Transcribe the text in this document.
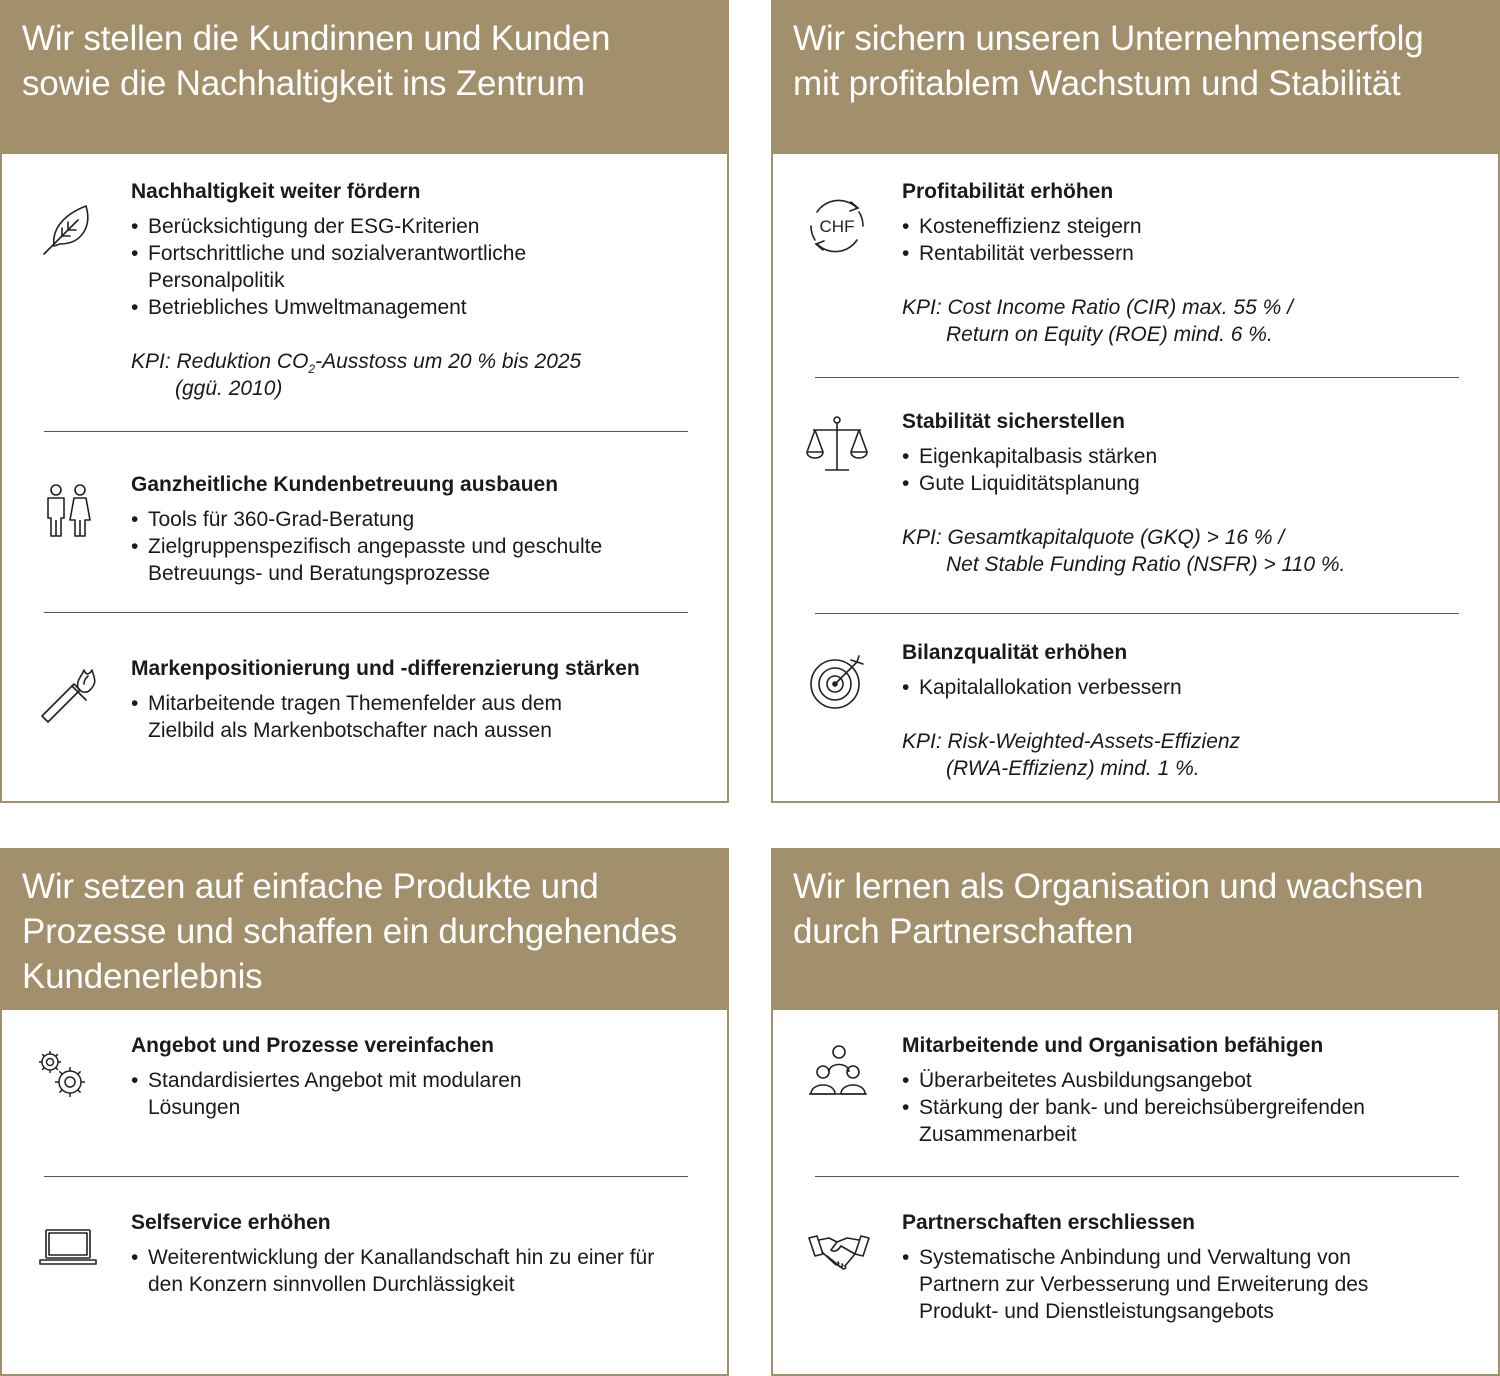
Wir stellen die Kundinnen und Kunden sowie die Nachhaltigkeit ins Zentrum
Nachhaltigkeit weiter fördern
• Berücksichtigung der ESG-Kriterien
• Fortschrittliche und sozialverantwortliche Personalpolitik
• Betriebliches Umweltmanagement
KPI: Reduktion $CO_2$-Ausstoss um 20 % bis 2025
(ggü. 2010)
Ganzheitliche Kundenbetreuung ausbauen
• Tools für 360-Grad-Beratung
• Zielgruppenspezifisch angepasste und geschulte Betreuungs- und Beratungsprozesse
Markenpositionierung und -differenzierung stärken
• Mitarbeitende tragen Themenfelder aus dem Zielbild als Markenbotschafter nach aussen
Wir sichern unseren Unternehmenserfolg mit profitablem Wachstum und Stabilität
CHF
Profitabilität erhöhen
• Kosteneffizienz steigern
• Rentabilität verbessern
KPI: Cost Income Ratio (CIR) max. 55 % /
Return on Equity (ROE) mind. 6 %.
Stabilität sicherstellen
• Eigenkapitalbasis stärken
• Gute Liquiditätsplanung
KPI: Gesamtkapitalquote (GKQ) > 16 % /
Net Stable Funding Ratio (NSFR) > 110 %.
Bilanzqualität erhöhen
• Kapitalallokation verbessern
KPI: Risk-Weighted-Assets-Effizienz
(RWA-Effizienz) mind. 1 %.
Wir setzen auf einfache Produkte und Prozesse und schaffen ein durchgehendes Kundenerlebnis
Angebot und Prozesse vereinfachen
• Standardisiertes Angebot mit modularen Lösungen
Selfservice erhöhen
• Weiterentwicklung der Kanallandschaft hin zu einer für den Konzern sinnvollen Durchlässigkeit
Wir lernen als Organisation und wachsen durch Partnerschaften
Mitarbeitende und Organisation befähigen
• Überarbeitetes Ausbildungsangebot
• Stärkung der bank- und bereichsübergreifenden Zusammenarbeit
Partnerschaften erschliessen
• Systematische Anbindung und Verwaltung von Partnern zur Verbesserung und Erweiterung des Produkt- und Dienstleistungsangebots
